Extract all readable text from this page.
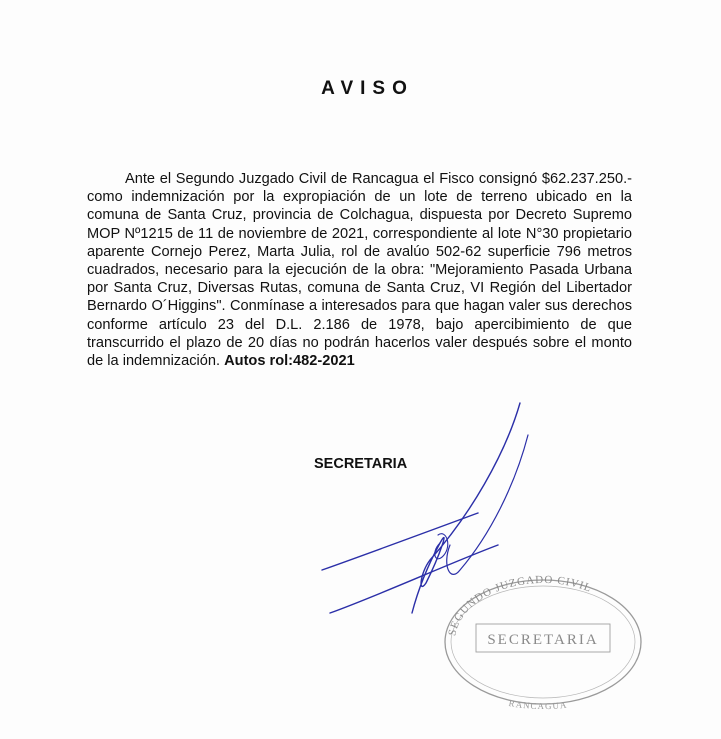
AVISO
Ante el Segundo Juzgado Civil de Rancagua el Fisco consignó $62.237.250.- como indemnización por la expropiación de un lote de terreno ubicado en la comuna de Santa Cruz, provincia de Colchagua, dispuesta por Decreto Supremo MOP Nº1215 de 11 de noviembre de 2021, correspondiente al lote N°30 propietario aparente Cornejo Perez, Marta Julia, rol de avalúo 502-62 superficie 796 metros cuadrados, necesario para la ejecución de la obra: "Mejoramiento Pasada Urbana por Santa Cruz, Diversas Rutas, comuna de Santa Cruz, VI Región del Libertador Bernardo O´Higgins". Conmínase a interesados para que hagan valer sus derechos conforme artículo 23 del D.L. 2.186 de 1978, bajo apercibimiento de que transcurrido el plazo de 20 días no podrán hacerlos valer después sobre el monto de la indemnización. Autos rol:482-2021
SECRETARIA
SEGUNDO JUZGADO CIVIL
SECRETARIA
RANCAGUA
